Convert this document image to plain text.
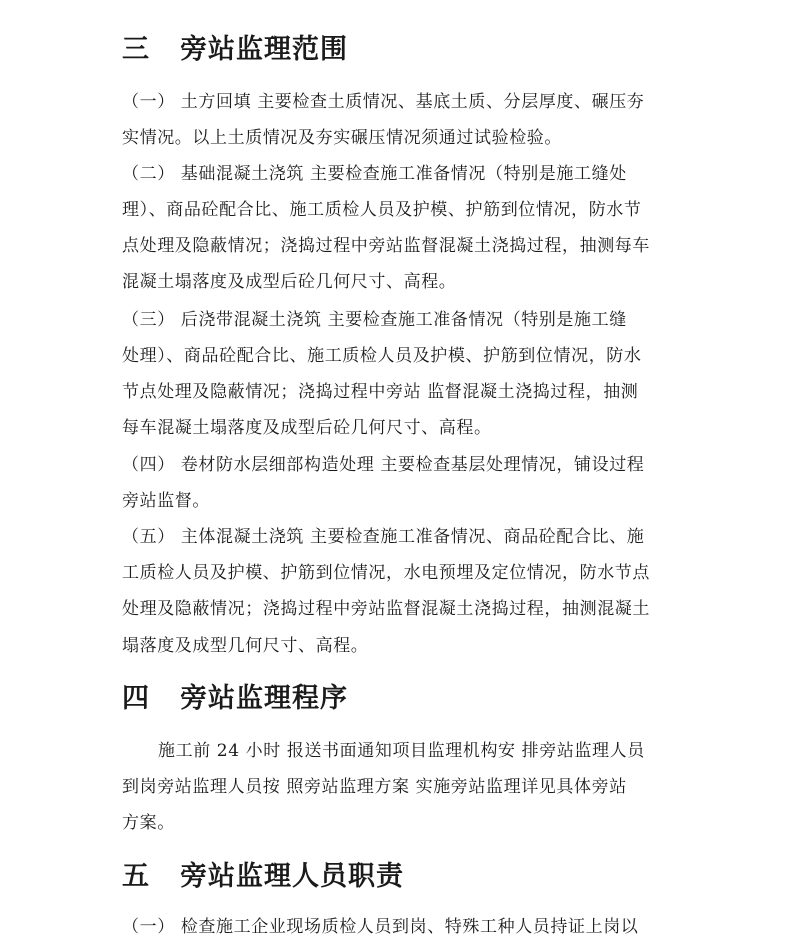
三 旁站监理范围
（一） 土方回填 主要检查土质情况、基底土质、分层厚度、碾压夯
实情况。以上土质情况及夯实碾压情况须通过试验检验。
（二） 基础混凝土浇筑 主要检查施工准备情况（特别是施工缝处
理）、商品砼配合比、施工质检人员及护模、护筋到位情况，防水节
点处理及隐蔽情况；浇捣过程中旁站监督混凝土浇捣过程，抽测每车
混凝土塌落度及成型后砼几何尺寸、高程。
（三） 后浇带混凝土浇筑 主要检查施工准备情况（特别是施工缝
处理）、商品砼配合比、施工质检人员及护模、护筋到位情况，防水
节点处理及隐蔽情况；浇捣过程中旁站 监督混凝土浇捣过程，抽测
每车混凝土塌落度及成型后砼几何尺寸、高程。
（四） 卷材防水层细部构造处理 主要检查基层处理情况，铺设过程
旁站监督。
（五） 主体混凝土浇筑 主要检查施工准备情况、商品砼配合比、施
工质检人员及护模、护筋到位情况，水电预埋及定位情况，防水节点
处理及隐蔽情况；浇捣过程中旁站监督混凝土浇捣过程，抽测混凝土
塌落度及成型几何尺寸、高程。
四 旁站监理程序
施工前 24 小时 报送书面通知项目监理机构安 排旁站监理人员
到岗旁站监理人员按 照旁站监理方案 实施旁站监理详见具体旁站
方案。
五 旁站监理人员职责
（一） 检查施工企业现场质检人员到岗、特殊工种人员持证上岗以
